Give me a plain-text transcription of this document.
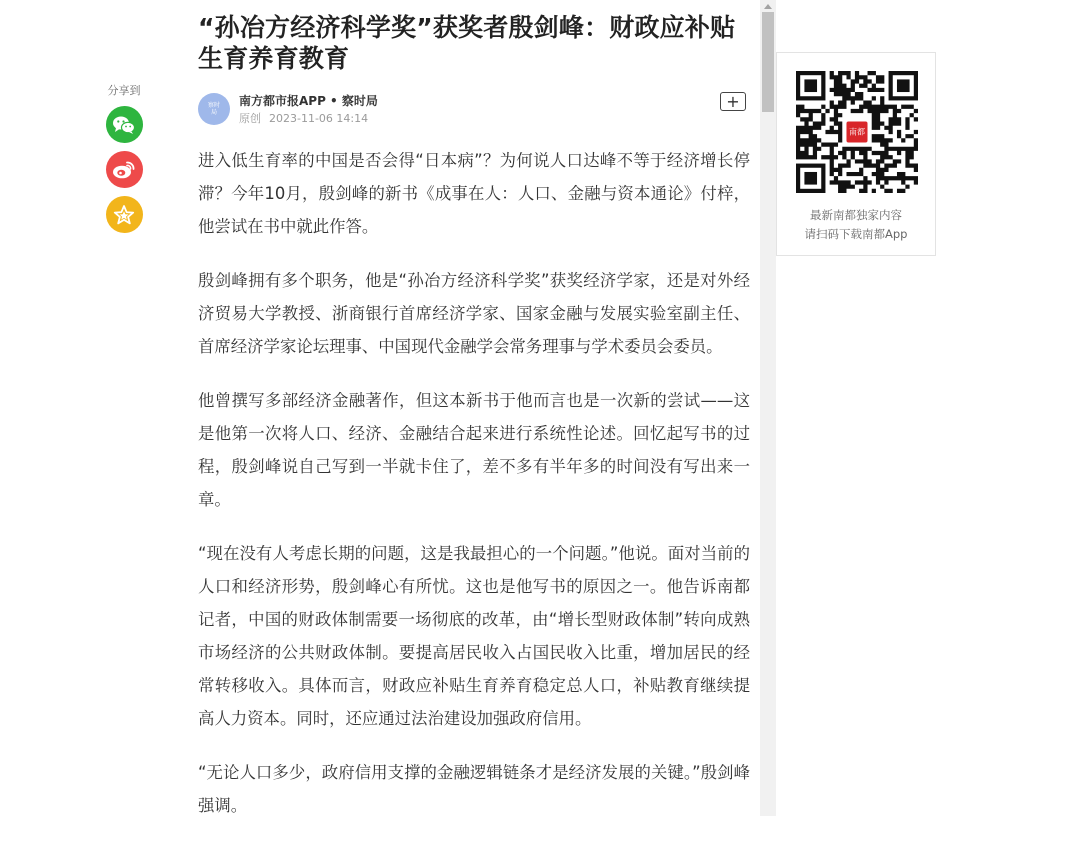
分享到
“孙冶方经济科学奖”获奖者殷剑峰：财政应补贴生育养育教育
察时局
南方都市报APP • 察时局
原创 2023-11-06 14:14
+

进入低生育率的中国是否会得“日本病”？为何说人口达峰不等于经济增长停滞？今年10月，殷剑峰的新书《成事在人：人口、金融与资本通论》付梓，他尝试在书中就此作答。

殷剑峰拥有多个职务，他是“孙冶方经济科学奖”获奖经济学家，还是对外经济贸易大学教授、浙商银行首席经济学家、国家金融与发展实验室副主任、首席经济学家论坛理事、中国现代金融学会常务理事与学术委员会委员。

他曾撰写多部经济金融著作，但这本新书于他而言也是一次新的尝试——这是他第一次将人口、经济、金融结合起来进行系统性论述。回忆起写书的过程，殷剑峰说自己写到一半就卡住了，差不多有半年多的时间没有写出来一章。

“现在没有人考虑长期的问题，这是我最担心的一个问题。”他说。面对当前的人口和经济形势，殷剑峰心有所忧。这也是他写书的原因之一。他告诉南都记者，中国的财政体制需要一场彻底的改革，由“增长型财政体制”转向成熟市场经济的公共财政体制。要提高居民收入占国民收入比重，增加居民的经常转移收入。具体而言，财政应补贴生育养育稳定总人口，补贴教育继续提高人力资本。同时，还应通过法治建设加强政府信用。

“无论人口多少，政府信用支撑的金融逻辑链条才是经济发展的关键。”殷剑峰强调。

南都
最新南都独家内容
请扫码下载南都App
